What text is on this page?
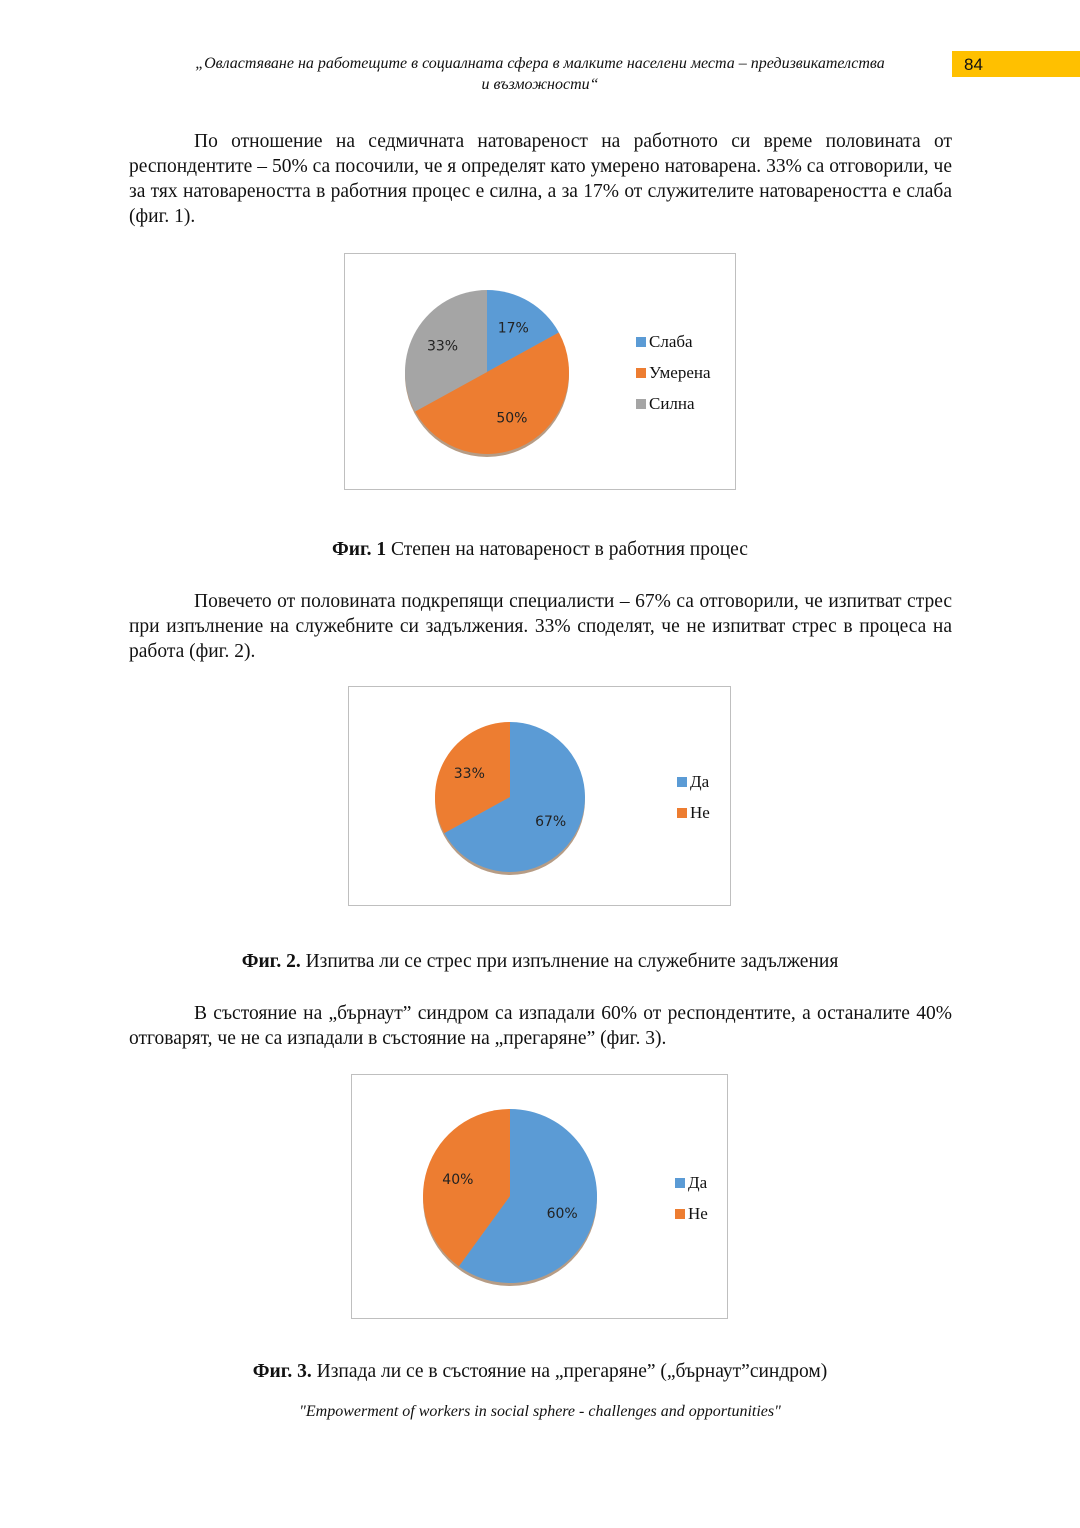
„Овластяване на работещите в социалната сфера в малките населени места – предизвикателства
и възможности“
84
По отношение на седмичната натовареност на работното си време половината от респондентите – 50% са посочили, че я определят като умерено натоварена. 33% са отговорили, че за тях натовареността в работния процес е силна, а за 17% от служителите натовареността е слаба (фиг. 1).
17%
50%
33%	Слаба
Умерена
Силна
Фиг. 1 Степен на натовареност в работния процес
Повечето от половината подкрепящи специалисти – 67% са отговорили, че изпитват стрес при изпълнение на служебните си задължения. 33% споделят, че не изпитват стрес в процеса на работа (фиг. 2).
67%
33%	Да
Не
Фиг. 2. Изпитва ли се стрес при изпълнение на служебните задължения
В състояние на „бърнаут” синдром са изпадали 60% от респондентите, а останалите 40% отговарят, че не са изпадали в състояние на „прегаряне” (фиг. 3).
60%
40%	Да
Не
Фиг. 3. Изпада ли се в състояние на „прегаряне” („бърнаут”синдром)
"Empowerment of workers in social sphere - challenges and opportunities"
